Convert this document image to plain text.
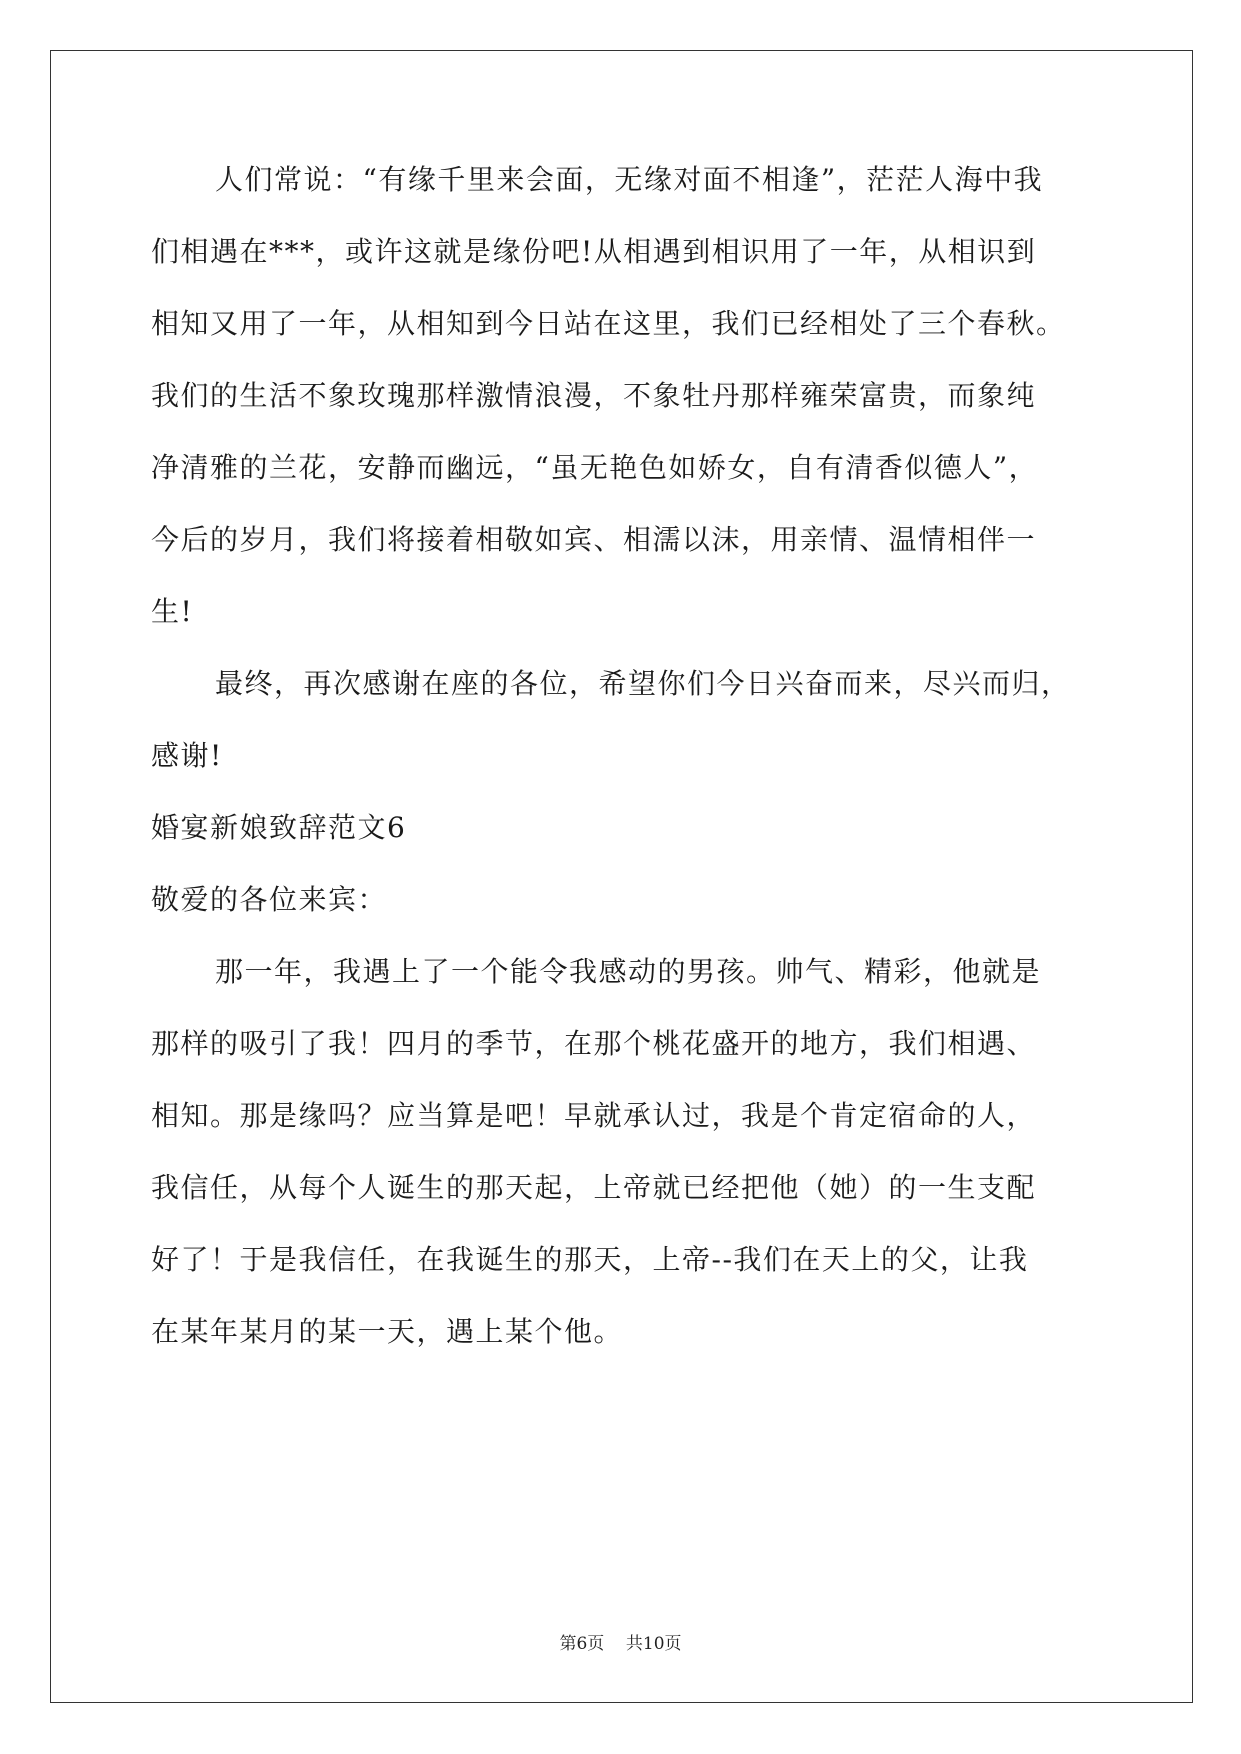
人们常说：“有缘千里来会面，无缘对面不相逢”，茫茫人海中我
们相遇在***，或许这就是缘份吧!从相遇到相识用了一年，从相识到
相知又用了一年，从相知到今日站在这里，我们已经相处了三个春秋。
我们的生活不象玫瑰那样激情浪漫，不象牡丹那样雍荣富贵，而象纯
净清雅的兰花，安静而幽远，“虽无艳色如娇女，自有清香似德人”，
今后的岁月，我们将接着相敬如宾、相濡以沫，用亲情、温情相伴一
生!
最终，再次感谢在座的各位，希望你们今日兴奋而来，尽兴而归，
感谢!
婚宴新娘致辞范文6
敬爱的各位来宾：
那一年，我遇上了一个能令我感动的男孩。帅气、精彩，他就是
那样的吸引了我！四月的季节，在那个桃花盛开的地方，我们相遇、
相知。那是缘吗？应当算是吧！早就承认过，我是个肯定宿命的人，
我信任，从每个人诞生的那天起，上帝就已经把他（她）的一生支配
好了！于是我信任，在我诞生的那天，上帝--我们在天上的父，让我
在某年某月的某一天，遇上某个他。
第6页 共10页
